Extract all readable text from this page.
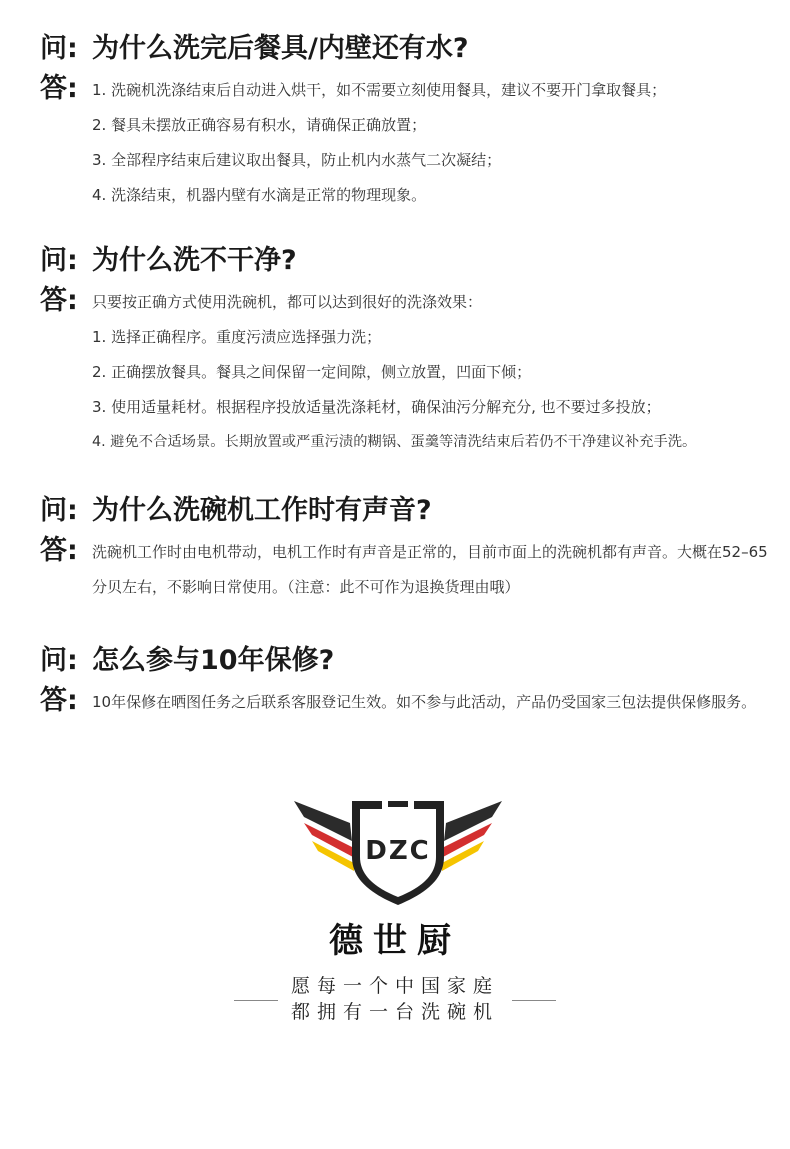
问: 为什么洗完后餐具/内壁还有水?
答: 1. 洗碗机洗涤结束后自动进入烘干，如不需要立刻使用餐具，建议不要开门拿取餐具；
2. 餐具未摆放正确容易有积水，请确保正确放置；
3. 全部程序结束后建议取出餐具，防止机内水蒸气二次凝结；
4. 洗涤结束，机器内壁有水滴是正常的物理现象。
问: 为什么洗不干净?
答: 只要按正确方式使用洗碗机，都可以达到很好的洗涤效果：
1. 选择正确程序。重度污渍应选择强力洗；
2. 正确摆放餐具。餐具之间保留一定间隙，侧立放置，凹面下倾；
3. 使用适量耗材。根据程序投放适量洗涤耗材，确保油污分解充分, 也不要过多投放；
4. 避免不合适场景。长期放置或严重污渍的糊锅、蛋羹等清洗结束后若仍不干净建议补充手洗。
问: 为什么洗碗机工作时有声音?
答: 洗碗机工作时由电机带动，电机工作时有声音是正常的，目前市面上的洗碗机都有声音。大概在52–65分贝左右，不影响日常使用。（注意：此不可作为退换货理由哦）
问: 怎么参与10年保修?
答: 10年保修在晒图任务之后联系客服登记生效。如不参与此活动，产品仍受国家三包法提供保修服务。
DZC
德世厨
愿每一个中国家庭
都拥有一台洗碗机
